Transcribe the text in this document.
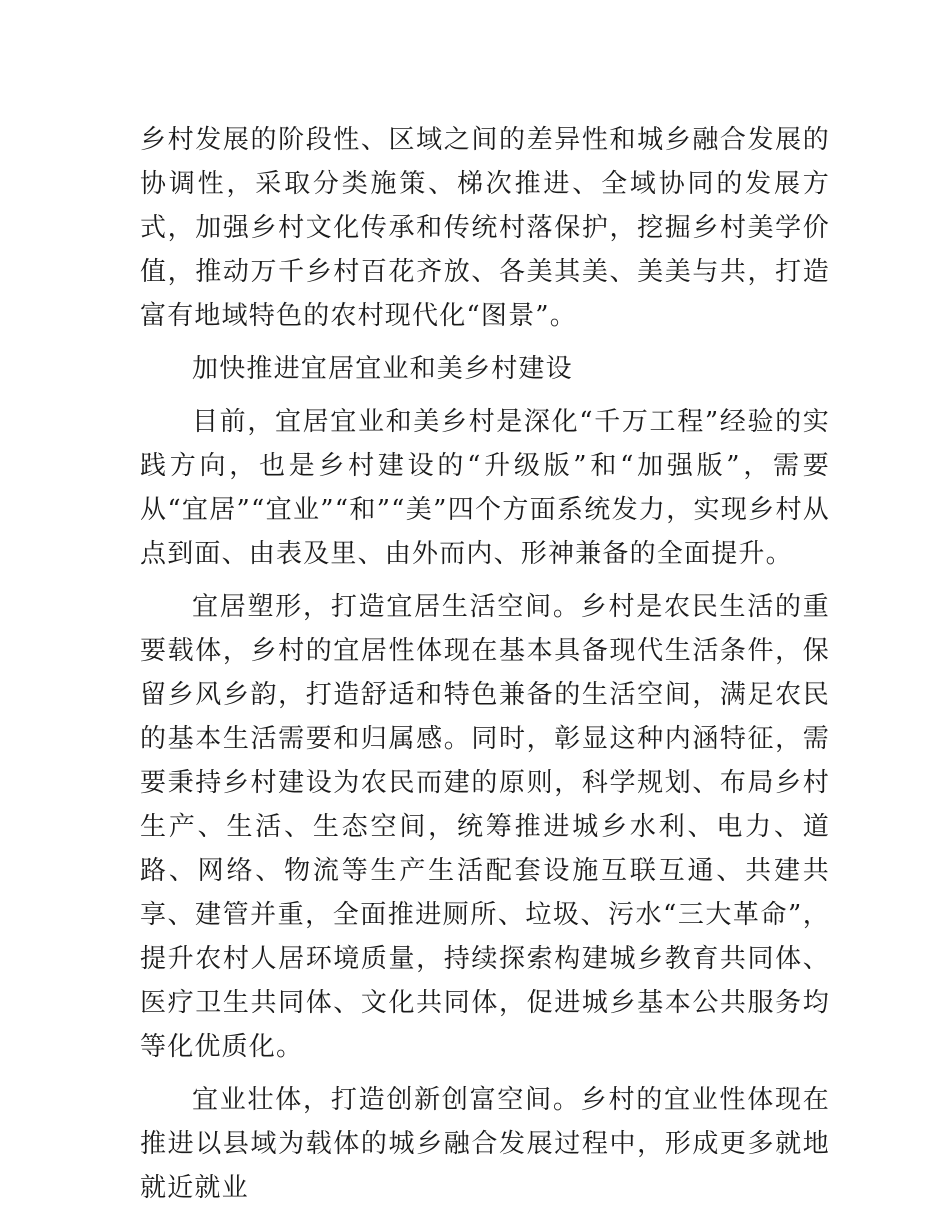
乡村发展的阶段性、区域之间的差异性和城乡融合发展的协调性，采取分类施策、梯次推进、全域协同的发展方式，加强乡村文化传承和传统村落保护，挖掘乡村美学价值，推动万千乡村百花齐放、各美其美、美美与共，打造富有地域特色的农村现代化“图景”。

加快推进宜居宜业和美乡村建设

目前，宜居宜业和美乡村是深化“千万工程”经验的实践方向，也是乡村建设的“升级版”和“加强版”，需要从“宜居”“宜业”“和”“美”四个方面系统发力，实现乡村从点到面、由表及里、由外而内、形神兼备的全面提升。

宜居塑形，打造宜居生活空间。乡村是农民生活的重要载体，乡村的宜居性体现在基本具备现代生活条件，保留乡风乡韵，打造舒适和特色兼备的生活空间，满足农民的基本生活需要和归属感。同时，彰显这种内涵特征，需要秉持乡村建设为农民而建的原则，科学规划、布局乡村生产、生活、生态空间，统筹推进城乡水利、电力、道路、网络、物流等生产生活配套设施互联互通、共建共享、建管并重，全面推进厕所、垃圾、污水“三大革命”，提升农村人居环境质量，持续探索构建城乡教育共同体、医疗卫生共同体、文化共同体，促进城乡基本公共服务均等化优质化。

宜业壮体，打造创新创富空间。乡村的宜业性体现在推进以县域为载体的城乡融合发展过程中，形成更多就地就近就业
